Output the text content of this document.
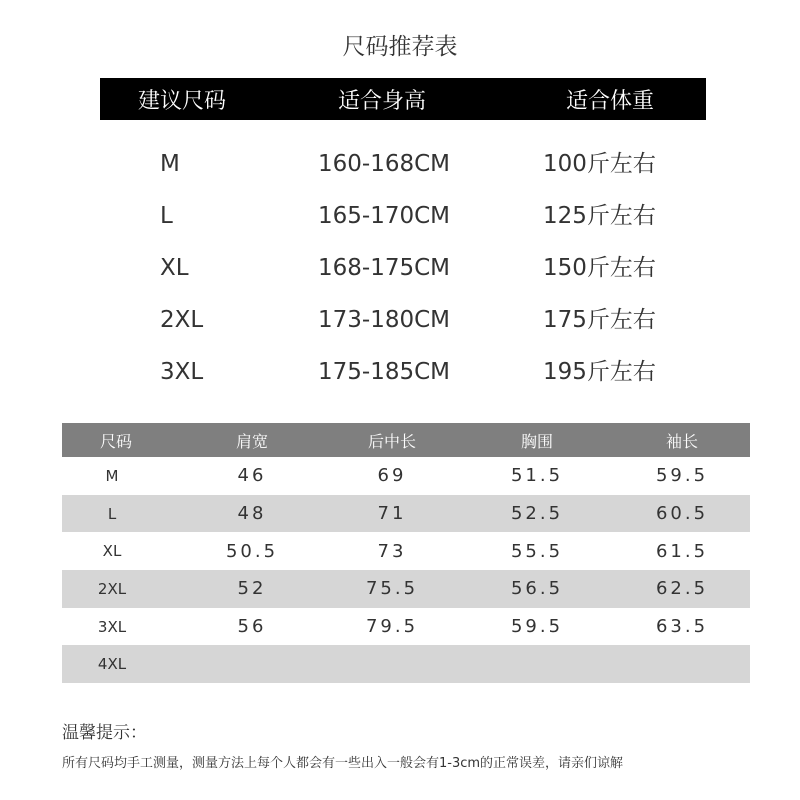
尺码推荐表
建议尺码	适合身高	适合体重
M	160-168CM	100斤左右
L	165-170CM	125斤左右
XL	168-175CM	150斤左右
2XL	173-180CM	175斤左右
3XL	175-185CM	195斤左右
尺码	肩宽	后中长	胸围	袖长
M	46	69	51.5	59.5
L	48	71	52.5	60.5
XL	50.5	73	55.5	61.5
2XL	52	75.5	56.5	62.5
3XL	56	79.5	59.5	63.5
4XL
温馨提示：
所有尺码均手工测量，测量方法上每个人都会有一些出入一般会有1-3cm的正常误差，请亲们谅解
